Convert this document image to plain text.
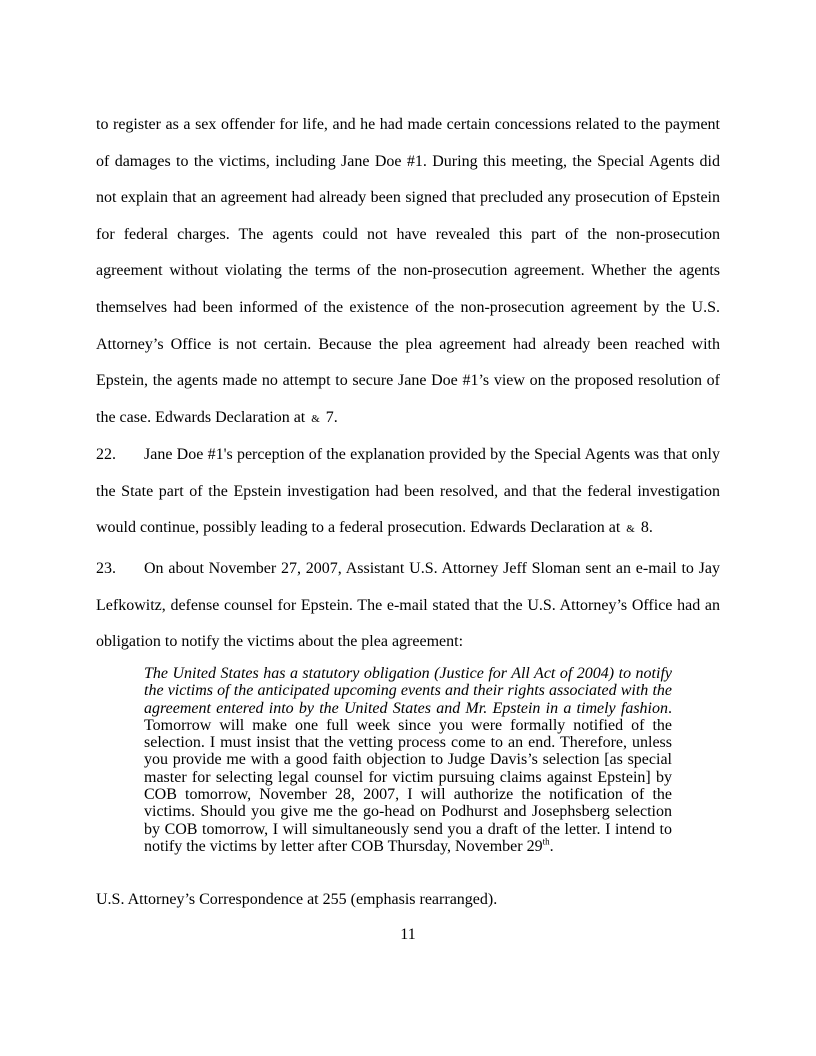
to register as a sex offender for life, and he had made certain concessions related to the payment of damages to the victims, including Jane Doe #1. During this meeting, the Special Agents did not explain that an agreement had already been signed that precluded any prosecution of Epstein for federal charges. The agents could not have revealed this part of the non-prosecution agreement without violating the terms of the non-prosecution agreement. Whether the agents themselves had been informed of the existence of the non-prosecution agreement by the U.S. Attorney’s Office is not certain. Because the plea agreement had already been reached with Epstein, the agents made no attempt to secure Jane Doe #1’s view on the proposed resolution of the case. Edwards Declaration at & 7.

22. Jane Doe #1's perception of the explanation provided by the Special Agents was that only the State part of the Epstein investigation had been resolved, and that the federal investigation would continue, possibly leading to a federal prosecution. Edwards Declaration at & 8.

23. On about November 27, 2007, Assistant U.S. Attorney Jeff Sloman sent an e-mail to Jay Lefkowitz, defense counsel for Epstein. The e-mail stated that the U.S. Attorney’s Office had an obligation to notify the victims about the plea agreement:

The United States has a statutory obligation (Justice for All Act of 2004) to notify the victims of the anticipated upcoming events and their rights associated with the agreement entered into by the United States and Mr. Epstein in a timely fashion. Tomorrow will make one full week since you were formally notified of the selection. I must insist that the vetting process come to an end. Therefore, unless you provide me with a good faith objection to Judge Davis’s selection [as special master for selecting legal counsel for victim pursuing claims against Epstein] by COB tomorrow, November 28, 2007, I will authorize the notification of the victims. Should you give me the go-head on Podhurst and Josephsberg selection by COB tomorrow, I will simultaneously send you a draft of the letter. I intend to notify the victims by letter after COB Thursday, November 29th.

U.S. Attorney’s Correspondence at 255 (emphasis rearranged).

11
